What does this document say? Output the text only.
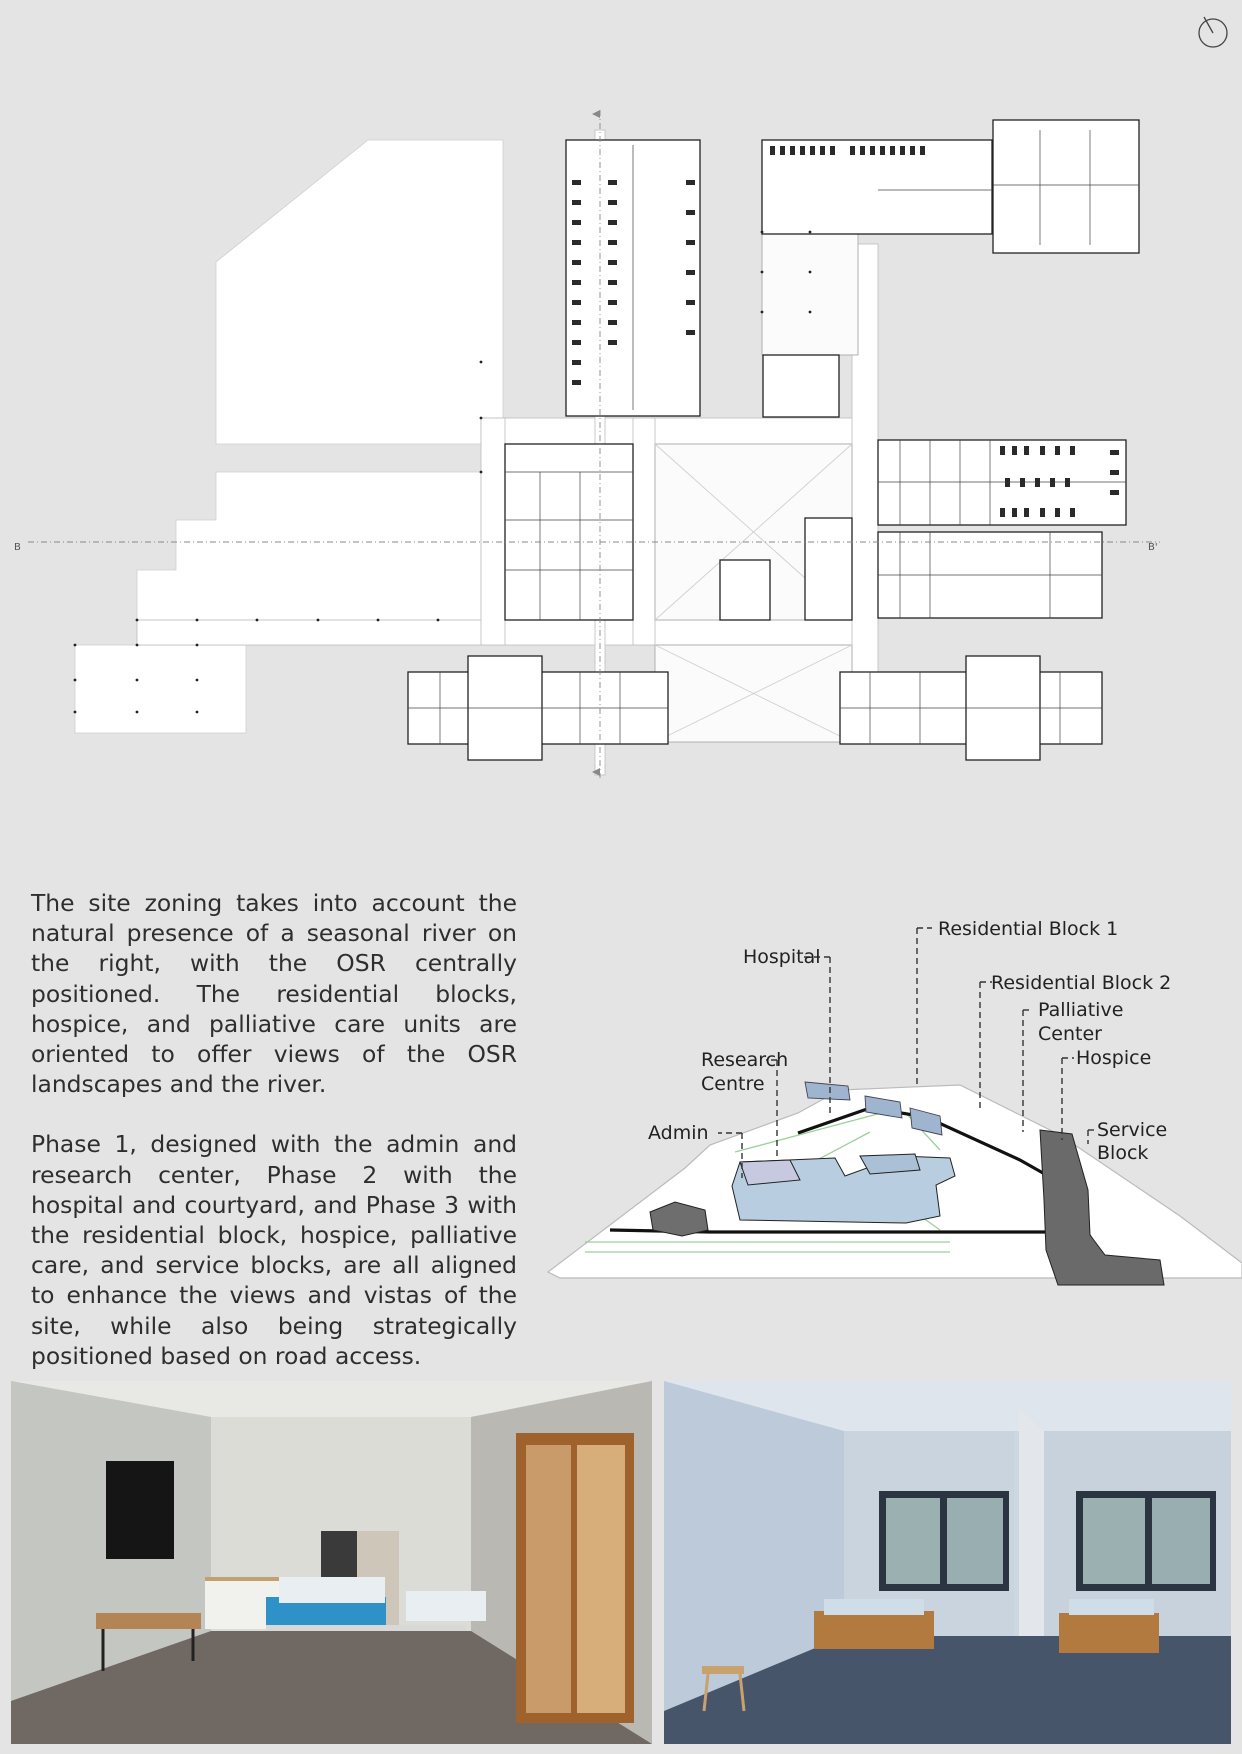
B	B'

The site zoning takes into account the natural presence of a seasonal river on the right, with the OSR centrally positioned. The residential blocks, hospice, and palliative care units are oriented to offer views of the OSR landscapes and the river.

Phase 1, designed with the admin and research center, Phase 2 with the hospital and courtyard, and Phase 3 with the residential block, hospice, palliative care, and service blocks, are all aligned to enhance the views and vistas of the site, while also being strategically positioned based on road access.

Residential Block 1
Hospital
Residential Block 2
Palliative
Center
Hospice
Research
Centre
Admin	Service
Block
